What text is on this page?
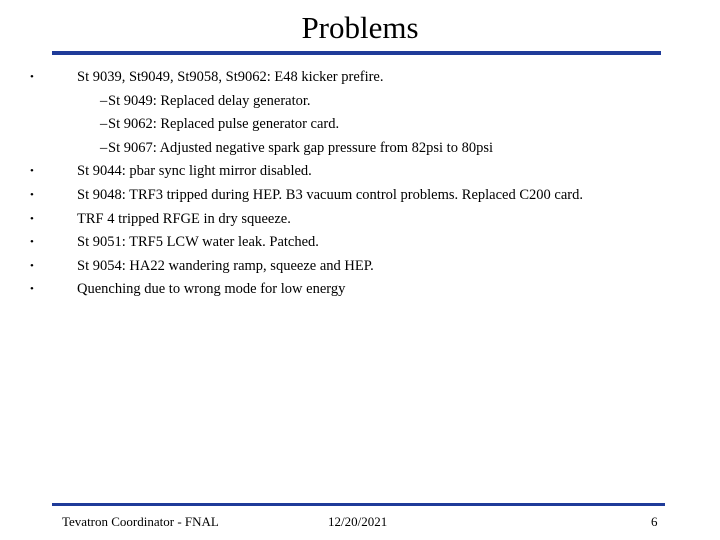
Problems
•	St 9039, St9049, St9058, St9062: E48 kicker prefire.
– St 9049: Replaced delay generator.
– St 9062: Replaced pulse generator card.
– St 9067: Adjusted negative spark gap pressure from 82psi to 80psi
•	St 9044: pbar sync light mirror disabled.
•	St 9048: TRF3 tripped during HEP. B3 vacuum control problems. Replaced C200 card.
•	TRF 4 tripped RFGE in dry squeeze.
•	St 9051: TRF5 LCW water leak. Patched.
•	St 9054: HA22 wandering ramp, squeeze and HEP.
•	Quenching due to wrong mode for low energy
Tevatron Coordinator - FNAL	12/20/2021	6
